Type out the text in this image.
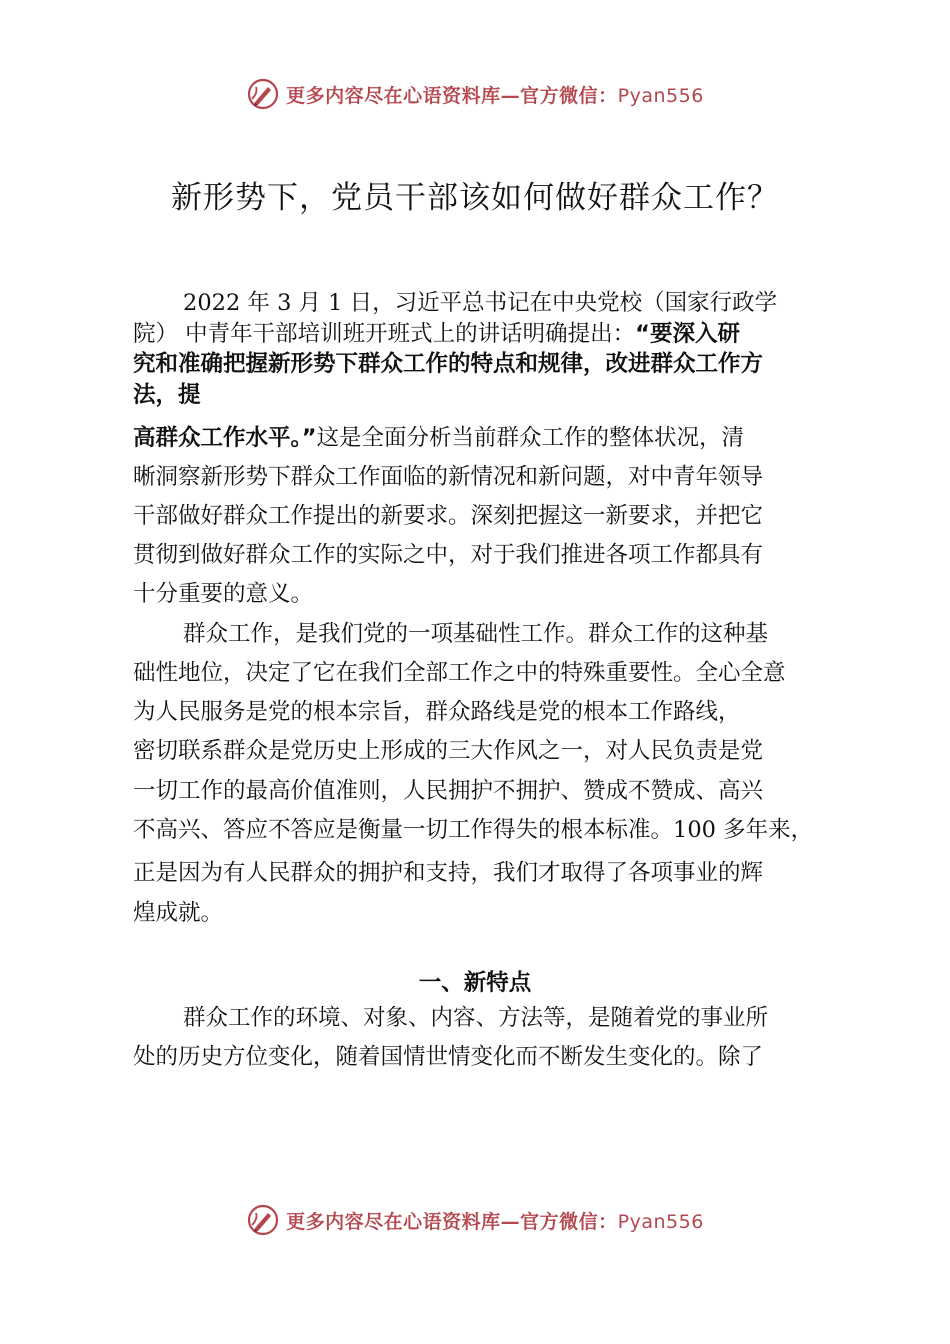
更多内容尽在心语资料库—官方微信：Pyan556
新形势下，党员干部该如何做好群众工作？
2022 年 3 月 1 日，习近平总书记在中央党校（国家行政学
院） 中青年干部培训班开班式上的讲话明确提出：“要深入研
究和准确把握新形势下群众工作的特点和规律，改进群众工作方
法，提
高群众工作水平。”这是全面分析当前群众工作的整体状况，清
晰洞察新形势下群众工作面临的新情况和新问题，对中青年领导
干部做好群众工作提出的新要求。深刻把握这一新要求，并把它
贯彻到做好群众工作的实际之中，对于我们推进各项工作都具有
十分重要的意义。
群众工作，是我们党的一项基础性工作。群众工作的这种基
础性地位，决定了它在我们全部工作之中的特殊重要性。全心全意
为人民服务是党的根本宗旨，群众路线是党的根本工作路线，
密切联系群众是党历史上形成的三大作风之一，对人民负责是党
一切工作的最高价值准则，人民拥护不拥护、赞成不赞成、高兴
不高兴、答应不答应是衡量一切工作得失的根本标准。100 多年来，
正是因为有人民群众的拥护和支持，我们才取得了各项事业的辉
煌成就。
一、新特点
群众工作的环境、对象、内容、方法等，是随着党的事业所
处的历史方位变化，随着国情世情变化而不断发生变化的。除了
更多内容尽在心语资料库—官方微信：Pyan556
